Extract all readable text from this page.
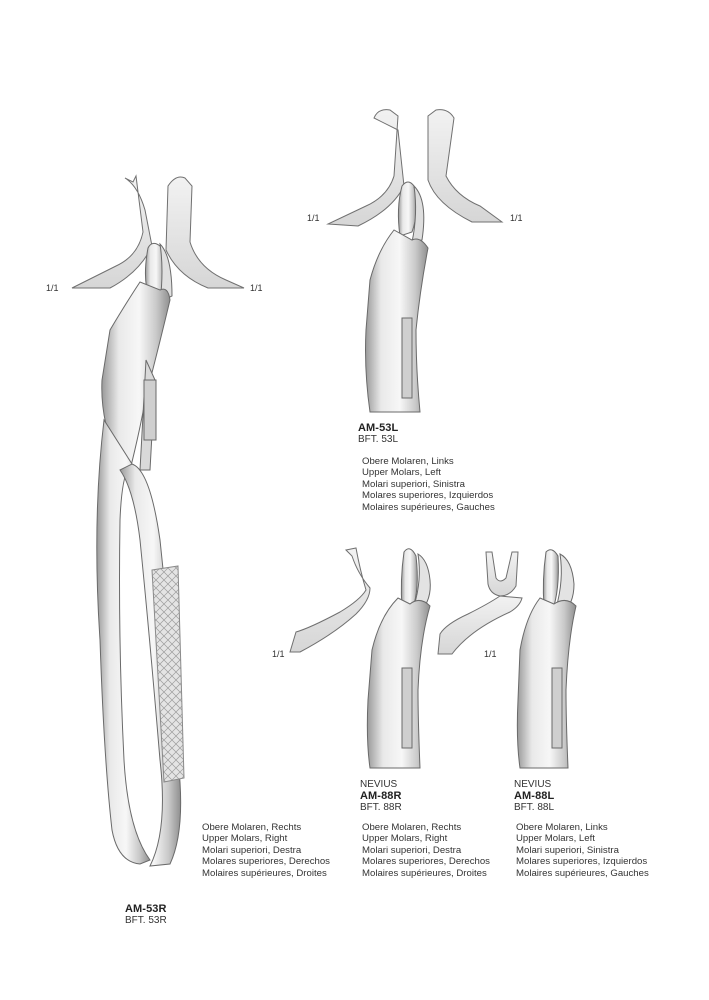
1/1	1/1
1/1	1/1
1/1	1/1
AM-53L
BFT. 53L
Obere Molaren, Links
Upper Molars, Left
Molari superiori, Sinistra
Molares superiores, Izquierdos
Molaires supérieures, Gauches
NEVIUS
AM-88R
BFT. 88R
Obere Molaren, Rechts
Upper Molars, Right
Molari superiori, Destra
Molares superiores, Derechos
Molaires supérieures, Droites
NEVIUS
AM-88L
BFT. 88L
Obere Molaren, Links
Upper Molars, Left
Molari superiori, Sinistra
Molares superiores, Izquierdos
Molaires supérieures, Gauches
Obere Molaren, Rechts
Upper Molars, Right
Molari superiori, Destra
Molares superiores, Derechos
Molaires supérieures, Droites
AM-53R
BFT. 53R
